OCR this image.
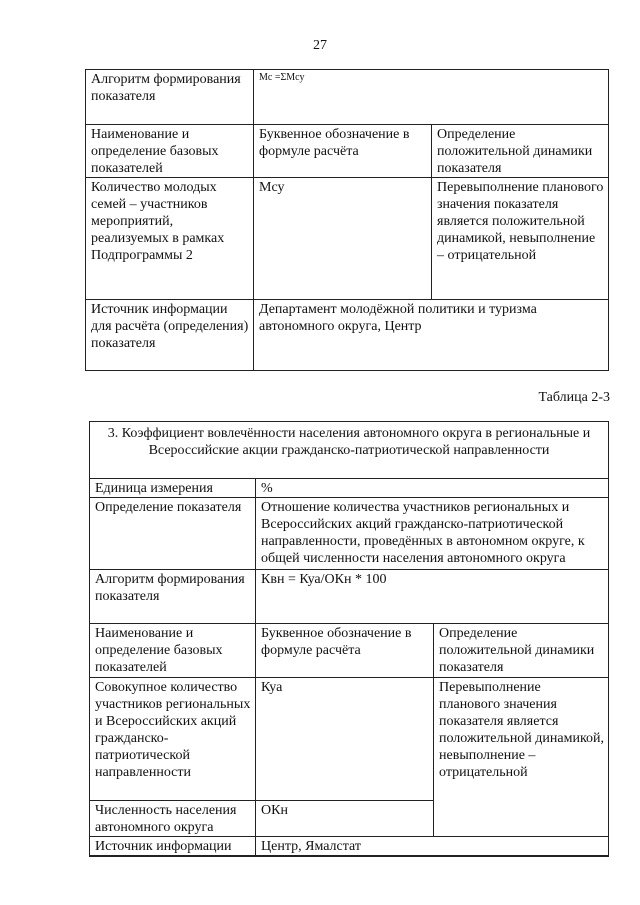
27
Алгоритм формирования показателя	Мс =ΣМсу	
Наименование и определение базовых показателей	Буквенное обозначение в формуле расчёта	Определение положительной динамики показателя
Количество молодых семей – участников мероприятий, реализуемых в рамках Подпрограммы 2	Мсу	Перевыполнение планового значения показателя является положительной динамикой, невыполнение – отрицательной
Источник информации для расчёта (определения) показателя	Департамент молодёжной политики и туризма автономного округа, Центр	
Таблица 2-3
3. Коэффициент вовлечённости населения автономного округа в региональные и Всероссийские акции гражданско-патриотической направленности		
Единица измерения	%	
Определение показателя	Отношение количества участников региональных и Всероссийских акций гражданско-патриотической направленности, проведённых в автономном округе, к общей численности населения автономного округа	
Алгоритм формирования показателя	Квн = Куа/ОКн * 100	
Наименование и определение базовых показателей	Буквенное обозначение в формуле расчёта	Определение положительной динамики показателя
Совокупное количество участников региональных и Всероссийских акций гражданско-патриотической направленности	Куа	Перевыполнение планового значения показателя является положительной динамикой, невыполнение – отрицательной
Численность населения автономного округа	ОКн	
Источник информации	Центр, Ямалстат	
